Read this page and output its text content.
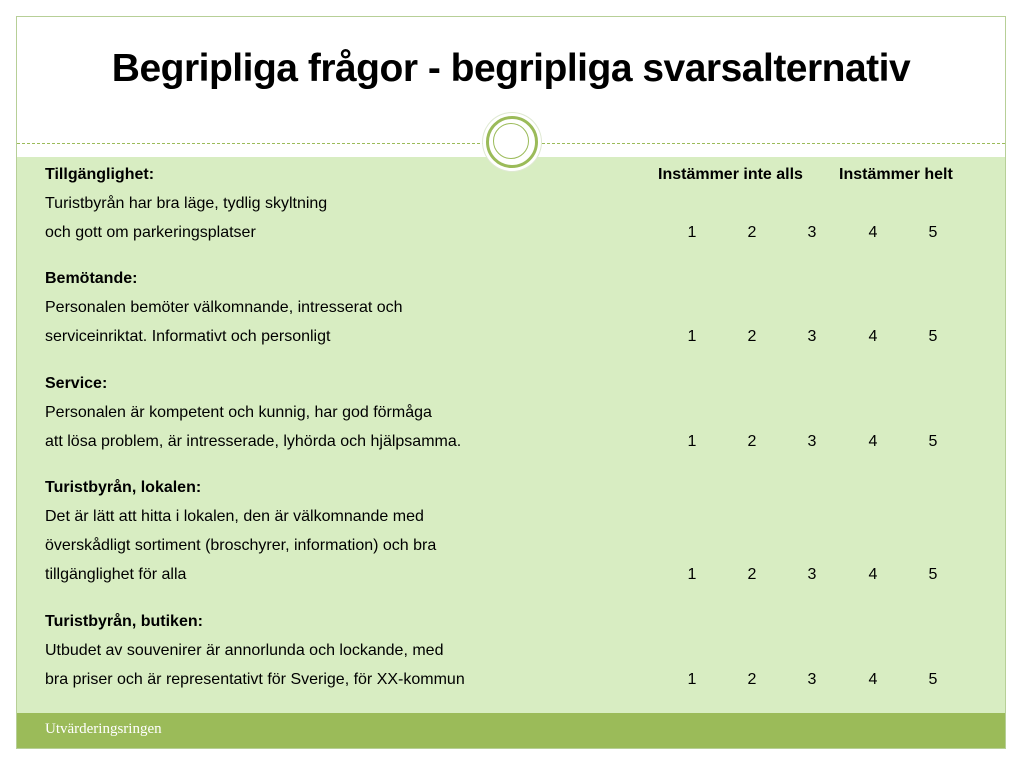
Begripliga frågor - begripliga svarsalternativ
Instämmer inte alls Instämmer helt
Tillgänglighet:
Turistbyrån har bra läge, tydlig skyltning
och gott om parkeringsplatser	1	2	3	4	5
Bemötande:
Personalen bemöter välkomnande, intresserat och
serviceinriktat. Informativt och personligt	1	2	3	4	5
Service:
Personalen är kompetent och kunnig, har god förmåga
att lösa problem, är intresserade, lyhörda och hjälpsamma.	1	2	3	4	5
Turistbyrån, lokalen:
Det är lätt att hitta i lokalen, den är välkomnande med
överskådligt sortiment (broschyrer, information) och bra
tillgänglighet för alla	1	2	3	4	5
Turistbyrån, butiken:
Utbudet av souvenirer är annorlunda och lockande, med
bra priser och är representativt för Sverige, för XX-kommun	1	2	3	4	5
Utvärderingsringen
